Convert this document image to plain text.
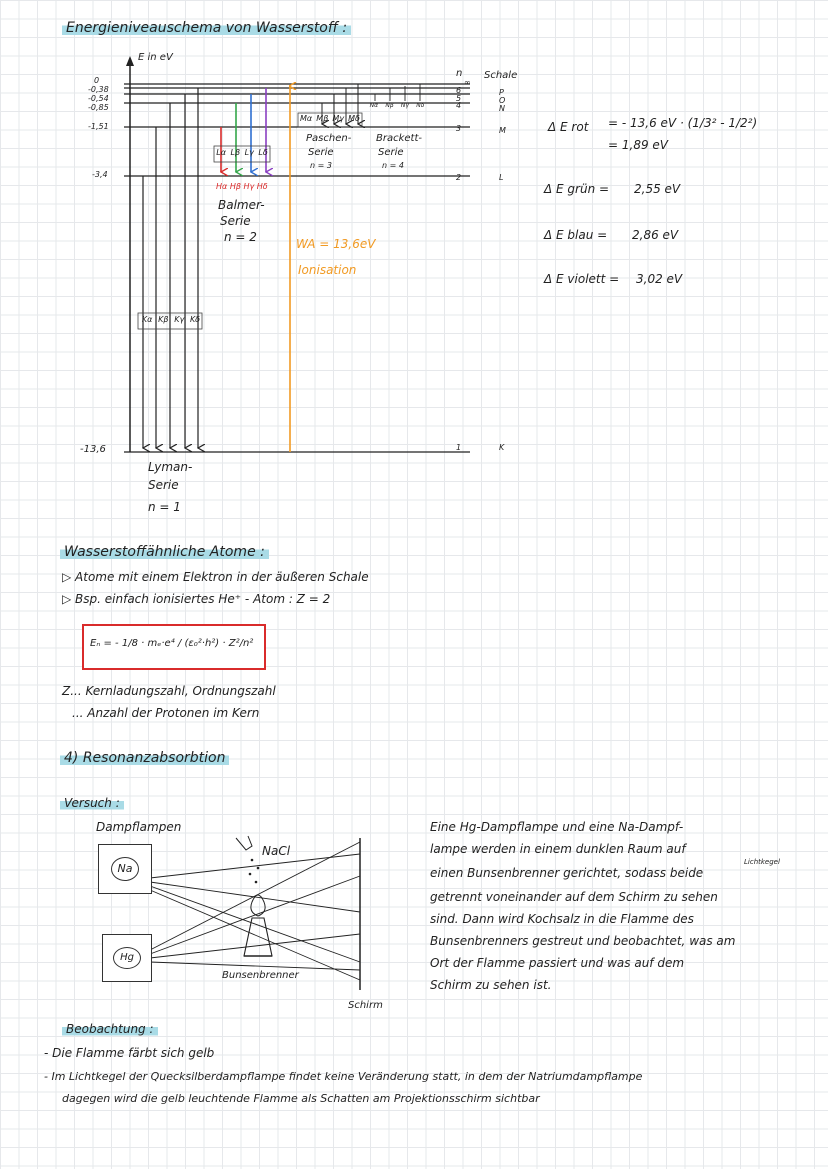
Energieniveauschema von Wasserstoff :
E in eV
0
-0,38
-0,54
-0,85
-1,51
-3,4
-13,6
n
∞
6
5
4
3
2
1
Schale
P
O
N
M
L
K
Kα Kβ Kγ Kδ
Lyman-
Serie
n = 1
Lα Lβ Lγ Lδ
Hα Hβ Hγ Hδ
Balmer-
Serie
n = 2
Mα Mβ Mγ Mδ
Paschen-
Serie
n = 3
Nα Nβ Nγ Nδ
Brackett-
Serie
n = 4
WA = 13,6eV
Ionisation
Δ E rot = - 13,6 eV · (1/3² - 1/2²)
= 1,89 eV
Δ E grün = 2,55 eV
Δ E blau = 2,86 eV
Δ E violett = 3,02 eV
Wasserstoffähnliche Atome :
▷ Atome mit einem Elektron in der äußeren Schale
▷ Bsp. einfach ionisiertes He⁺ - Atom : Z = 2
Eₙ = - 1/8 · mₑ·e⁴ / (ε₀²·h²) · Z²/n²
Z... Kernladungszahl, Ordnungszahl
... Anzahl der Protonen im Kern
4) Resonanzabsorbtion
Versuch :
Dampflampen
Na
Hg
NaCl
Bunsenbrenner
Schirm
Eine Hg-Dampflampe und eine Na-Dampf-
lampe werden in einem dunklen Raum auf
Lichtkegel
einen Bunsenbrenner gerichtet, sodass beide
getrennt voneinander auf dem Schirm zu sehen
sind. Dann wird Kochsalz in die Flamme des
Bunsenbrenners gestreut und beobachtet, was am
Ort der Flamme passiert und was auf dem
Schirm zu sehen ist.
Beobachtung :
- Die Flamme färbt sich gelb
- Im Lichtkegel der Quecksilberdampflampe findet keine Veränderung statt, in dem der Natriumdampflampe
dagegen wird die gelb leuchtende Flamme als Schatten am Projektionsschirm sichtbar
